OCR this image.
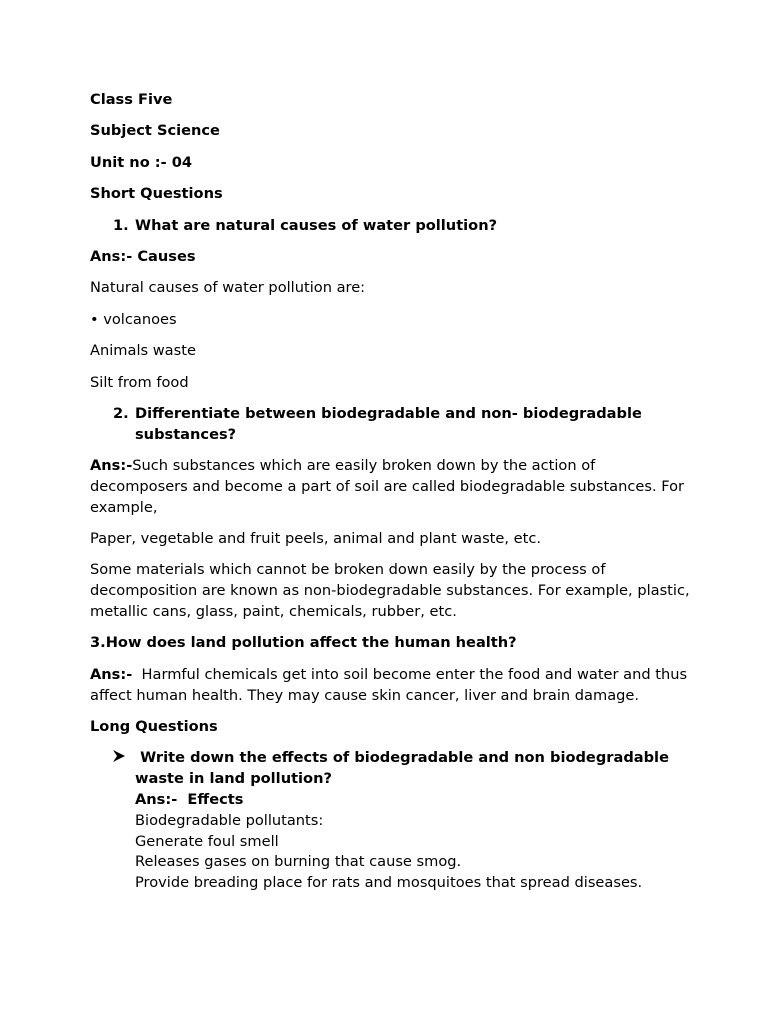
Class Five

Subject Science

Unit no :- 04

Short Questions

1. What are natural causes of water pollution?

Ans:- Causes

Natural causes of water pollution are:

• volcanoes

Animals waste

Silt from food

2. Differentiate between biodegradable and non- biodegradable substances?

Ans:-Such substances which are easily broken down by the action of decomposers and become a part of soil are called biodegradable substances. For example,

Paper, vegetable and fruit peels, animal and plant waste, etc.

Some materials which cannot be broken down easily by the process of decomposition are known as non-biodegradable substances. For example, plastic, metallic cans, glass, paint, chemicals, rubber, etc.

3.How does land pollution affect the human health?

Ans:-  Harmful chemicals get into soil become enter the food and water and thus affect human health. They may cause skin cancer, liver and brain damage.

Long Questions

Write down the effects of biodegradable and non biodegradable waste in land pollution?
Ans:-  Effects
Biodegradable pollutants:
Generate foul smell
Releases gases on burning that cause smog.
Provide breading place for rats and mosquitoes that spread diseases.
